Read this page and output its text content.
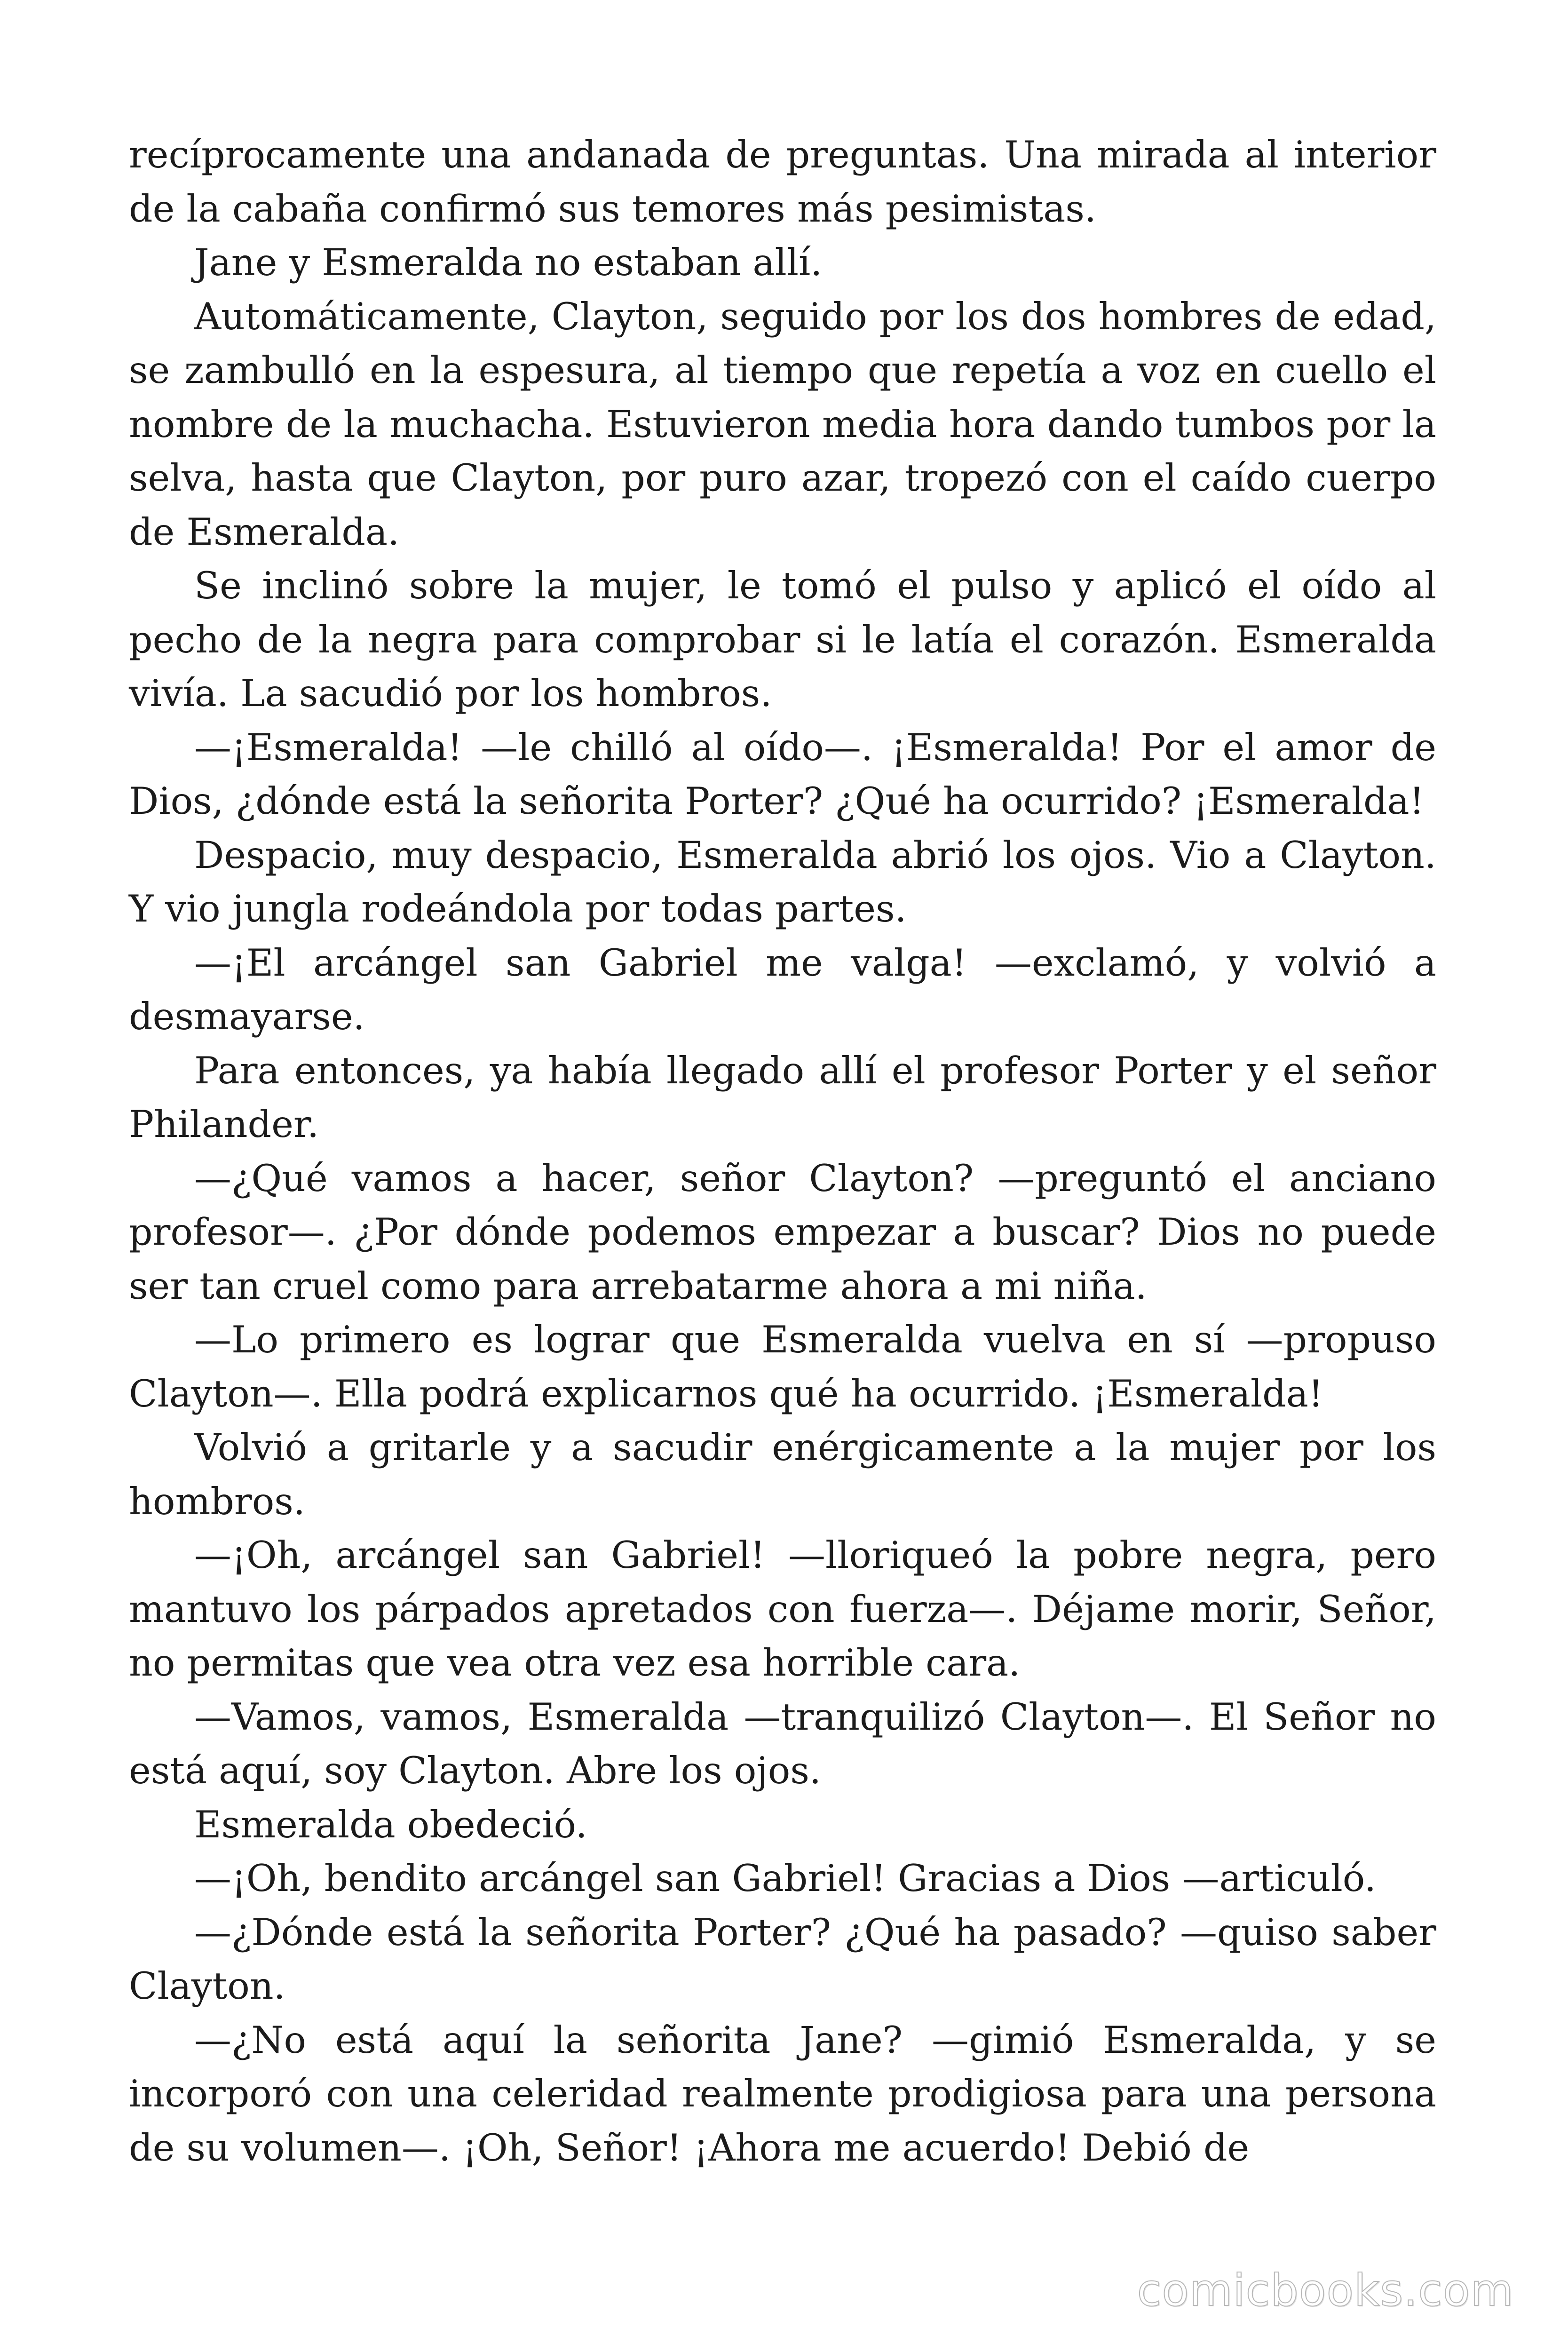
recíprocamente una andanada de preguntas. Una mirada al interior de la cabaña confirmó sus temores más pesimistas.

Jane y Esmeralda no estaban allí.

Automáticamente, Clayton, seguido por los dos hombres de edad, se zambulló en la espesura, al tiempo que repetía a voz en cuello el nombre de la muchacha. Estuvieron media hora dando tumbos por la selva, hasta que Clayton, por puro azar, tropezó con el caído cuerpo de Esmeralda.

Se inclinó sobre la mujer, le tomó el pulso y aplicó el oído al pecho de la negra para comprobar si le latía el corazón. Esmeralda vivía. La sacudió por los hombros.

—¡Esmeralda! —le chilló al oído—. ¡Esmeralda! Por el amor de Dios, ¿dónde está la señorita Porter? ¿Qué ha ocurrido? ¡Esmeralda!

Despacio, muy despacio, Esmeralda abrió los ojos. Vio a Clayton. Y vio jungla rodeándola por todas partes.

—¡El arcángel san Gabriel me valga! —exclamó, y volvió a desmayarse.

Para entonces, ya había llegado allí el profesor Porter y el señor Philander.

—¿Qué vamos a hacer, señor Clayton? —preguntó el anciano profesor—. ¿Por dónde podemos empezar a buscar? Dios no puede ser tan cruel como para arrebatarme ahora a mi niña.

—Lo primero es lograr que Esmeralda vuelva en sí —propuso Clayton—. Ella podrá explicarnos qué ha ocurrido. ¡Esmeralda!

Volvió a gritarle y a sacudir enérgicamente a la mujer por los hombros.

—¡Oh, arcángel san Gabriel! —lloriqueó la pobre negra, pero mantuvo los párpados apretados con fuerza—. Déjame morir, Señor, no permitas que vea otra vez esa horrible cara.

—Vamos, vamos, Esmeralda —tranquilizó Clayton—. El Señor no está aquí, soy Clayton. Abre los ojos.

Esmeralda obedeció.

—¡Oh, bendito arcángel san Gabriel! Gracias a Dios —articuló.

—¿Dónde está la señorita Porter? ¿Qué ha pasado? —quiso saber Clayton.

—¿No está aquí la señorita Jane? —gimió Esmeralda, y se incorporó con una celeridad realmente prodigiosa para una persona de su volumen—. ¡Oh, Señor! ¡Ahora me acuerdo! Debió de

comicbooks.com
